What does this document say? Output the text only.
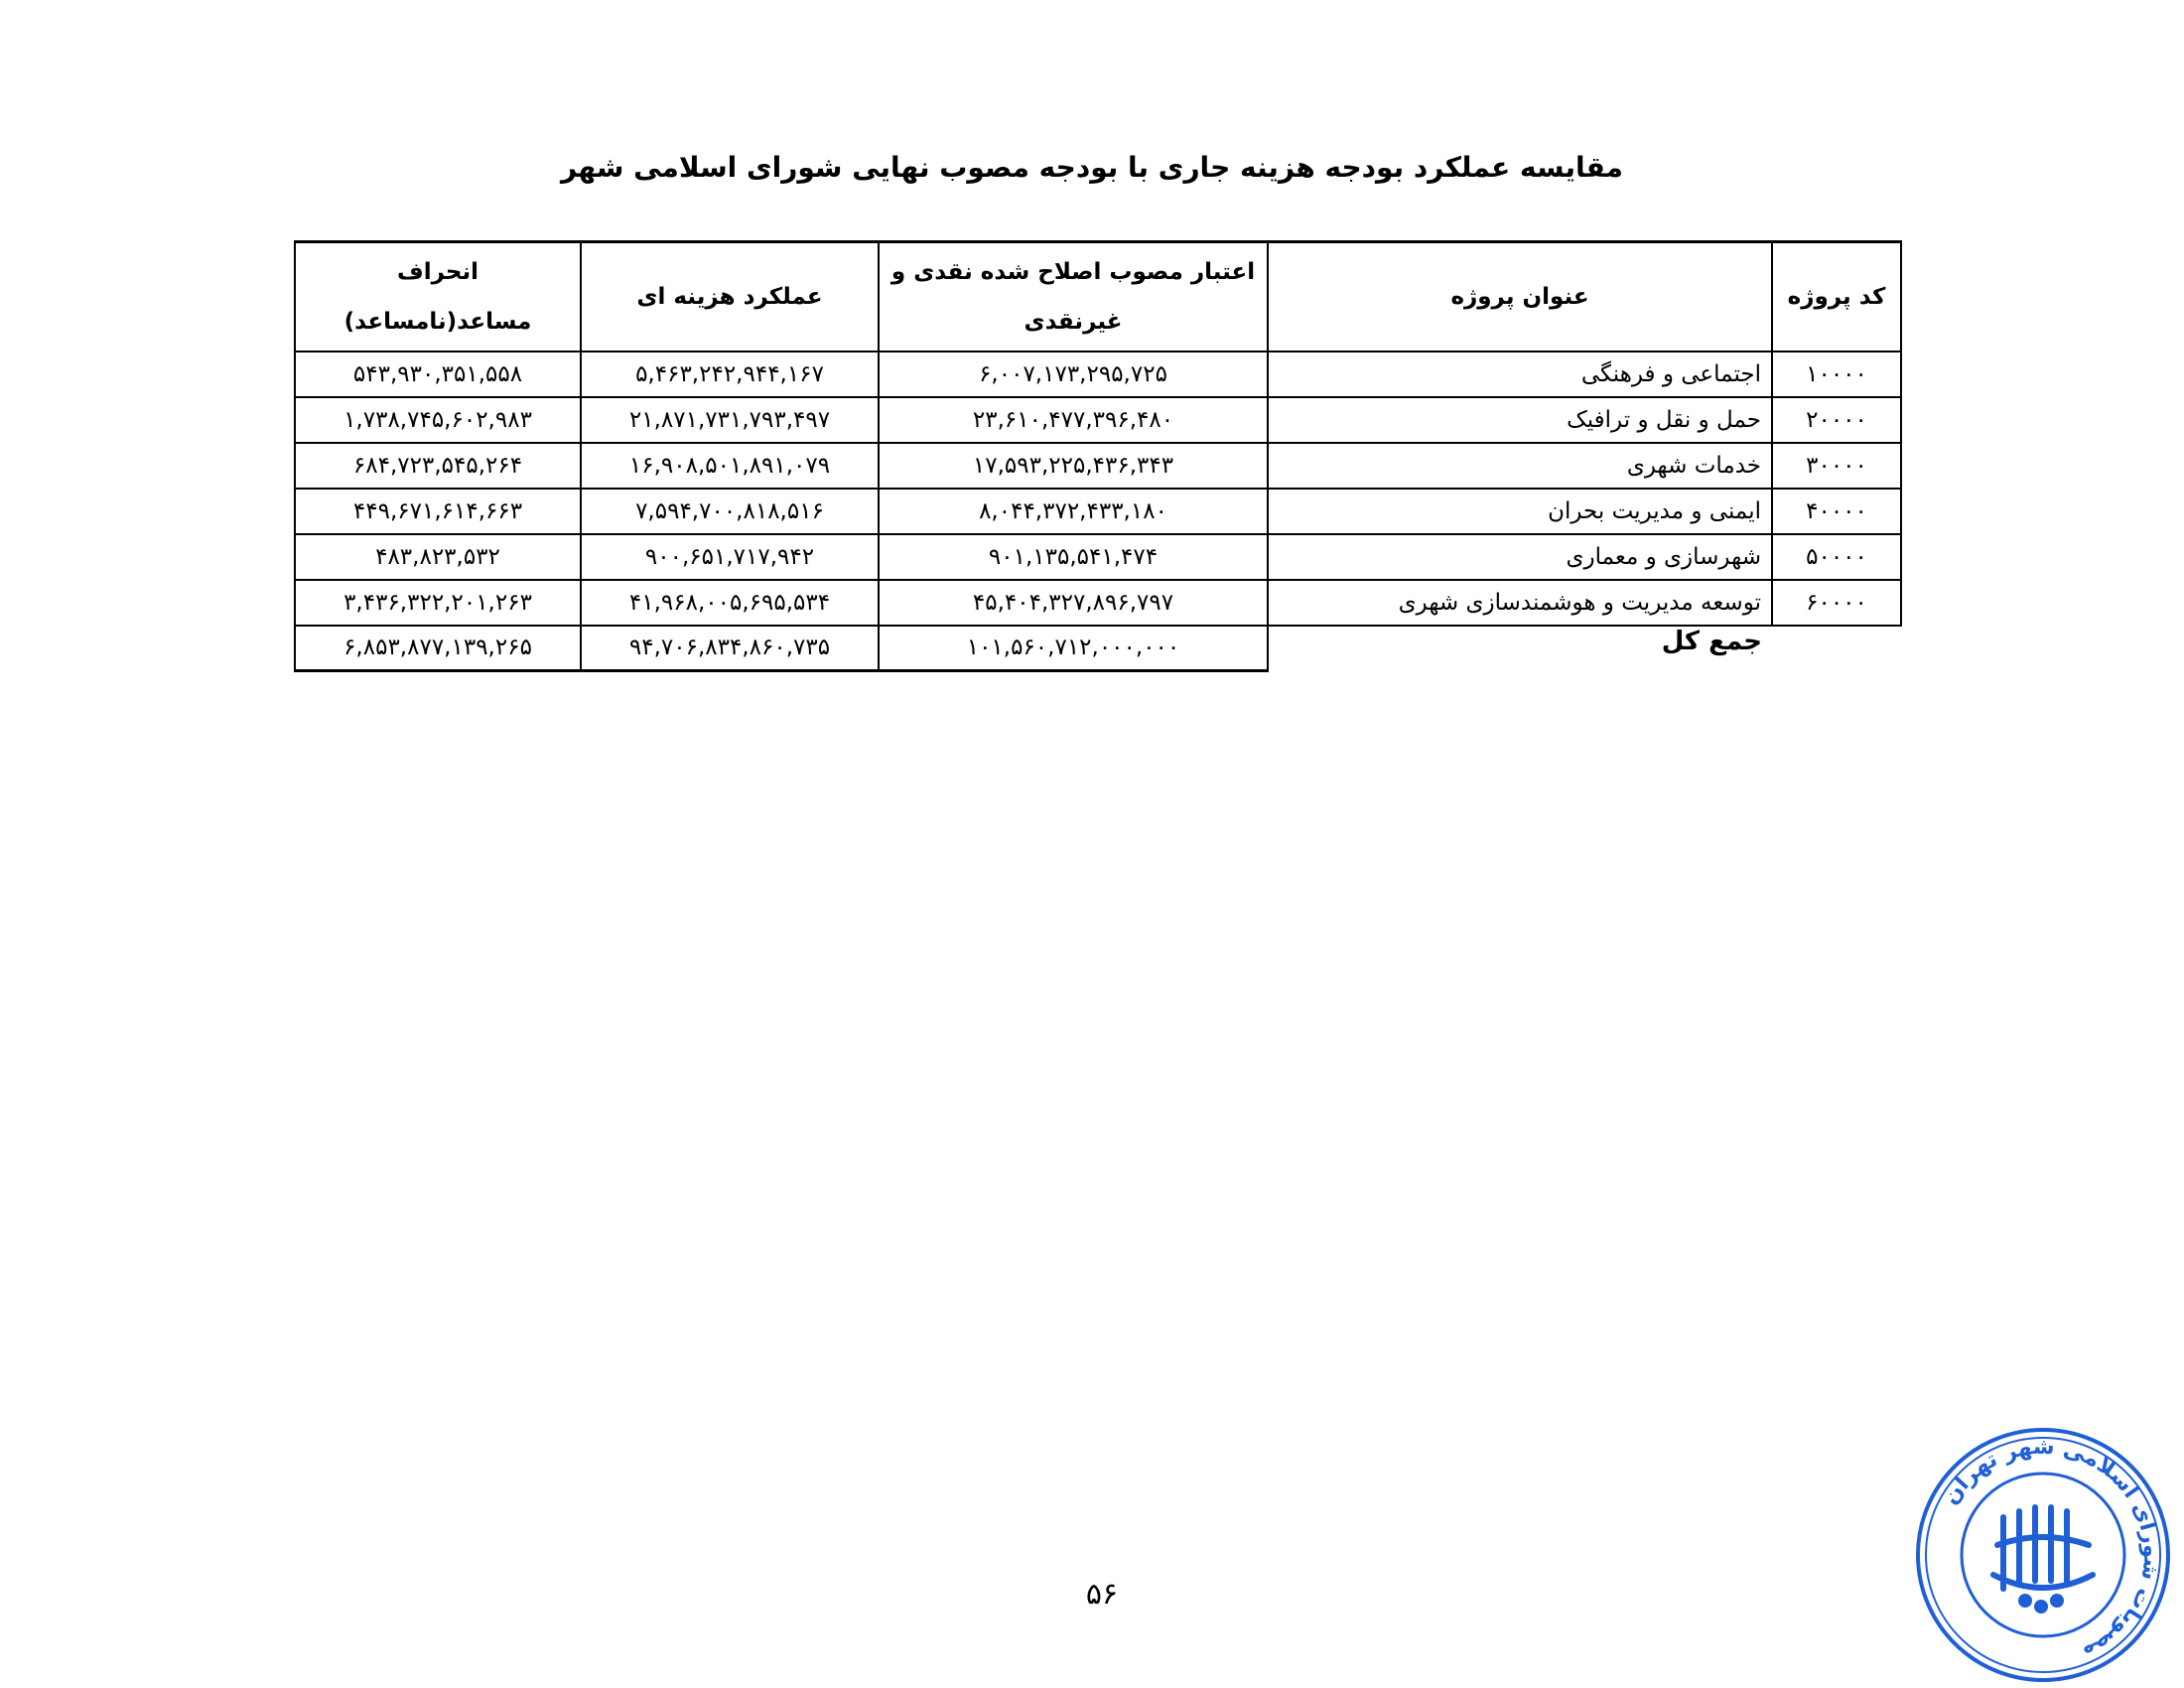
مقایسه عملکرد بودجه هزینه جاری با بودجه مصوب نهایی شورای اسلامی شهر
کد پروژه	عنوان پروژه	اعتبار مصوب اصلاح شده نقدی و غیرنقدی	عملکرد هزینه ای	انحراف مساعد(نامساعد)
۱۰۰۰۰	اجتماعی و فرهنگی	۶,۰۰۷,۱۷۳,۲۹۵,۷۲۵	۵,۴۶۳,۲۴۲,۹۴۴,۱۶۷	۵۴۳,۹۳۰,۳۵۱,۵۵۸
۲۰۰۰۰	حمل و نقل و ترافیک	۲۳,۶۱۰,۴۷۷,۳۹۶,۴۸۰	۲۱,۸۷۱,۷۳۱,۷۹۳,۴۹۷	۱,۷۳۸,۷۴۵,۶۰۲,۹۸۳
۳۰۰۰۰	خدمات شهری	۱۷,۵۹۳,۲۲۵,۴۳۶,۳۴۳	۱۶,۹۰۸,۵۰۱,۸۹۱,۰۷۹	۶۸۴,۷۲۳,۵۴۵,۲۶۴
۴۰۰۰۰	ایمنی و مدیریت بحران	۸,۰۴۴,۳۷۲,۴۳۳,۱۸۰	۷,۵۹۴,۷۰۰,۸۱۸,۵۱۶	۴۴۹,۶۷۱,۶۱۴,۶۶۳
۵۰۰۰۰	شهرسازی و معماری	۹۰۱,۱۳۵,۵۴۱,۴۷۴	۹۰۰,۶۵۱,۷۱۷,۹۴۲	۴۸۳,۸۲۳,۵۳۲
۶۰۰۰۰	توسعه مدیریت و هوشمندسازی شهری	۴۵,۴۰۴,۳۲۷,۸۹۶,۷۹۷	۴۱,۹۶۸,۰۰۵,۶۹۵,۵۳۴	۳,۴۳۶,۳۲۲,۲۰۱,۲۶۳
	جمع کل	۱۰۱,۵۶۰,۷۱۲,۰۰۰,۰۰۰	۹۴,۷۰۶,۸۳۴,۸۶۰,۷۳۵	۶,۸۵۳,۸۷۷,۱۳۹,۲۶۵
۵۶
مصوبات شورای اسلامی شهر تهران
